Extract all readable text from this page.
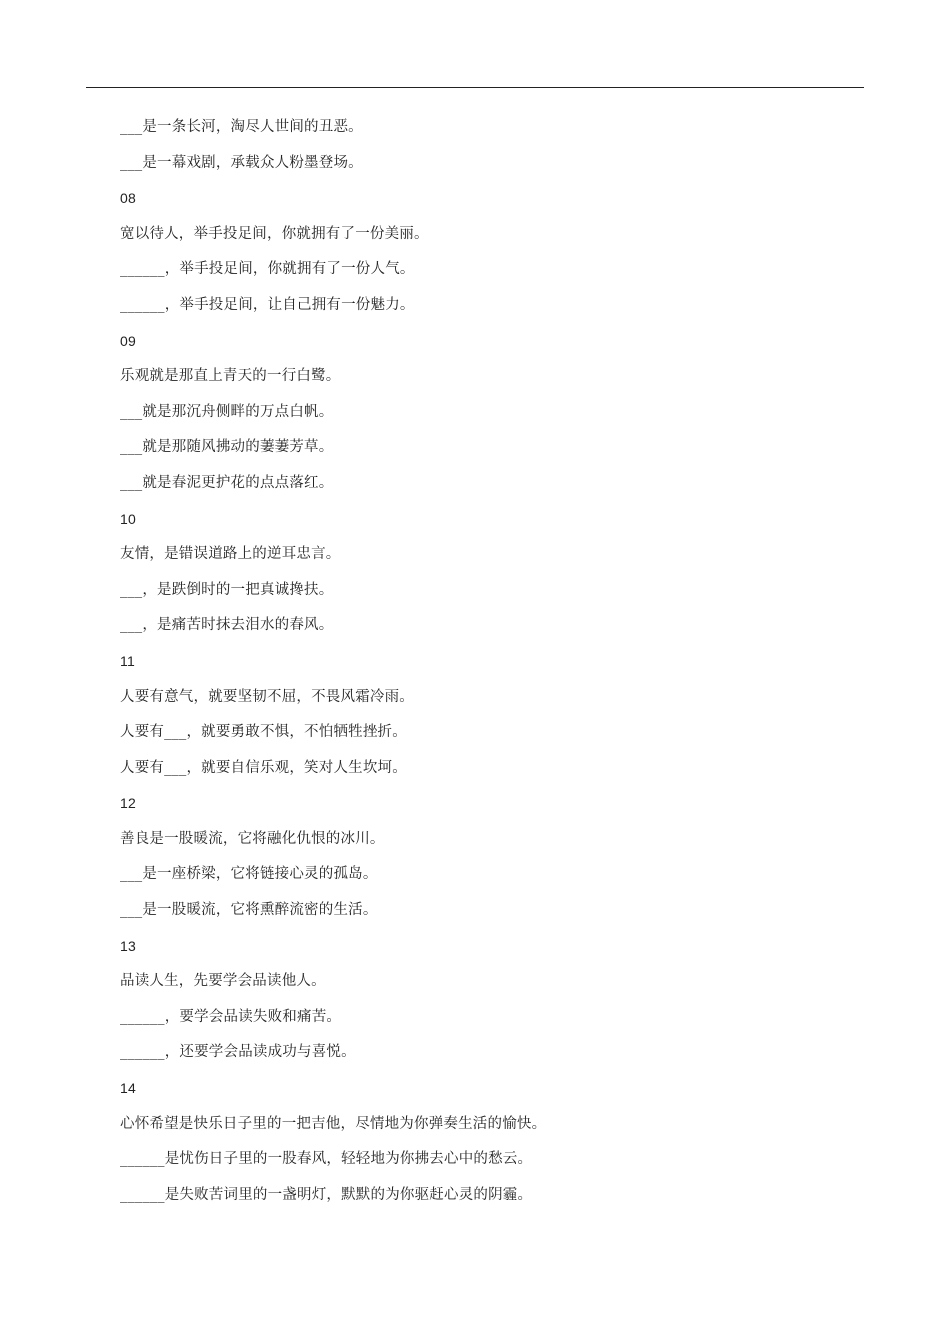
___是一条长河，淘尽人世间的丑恶。
___是一幕戏剧，承载众人粉墨登场。
08
宽以待人，举手投足间，你就拥有了一份美丽。
______，举手投足间，你就拥有了一份人气。
______，举手投足间，让自己拥有一份魅力。
09
乐观就是那直上青天的一行白鹭。
___就是那沉舟侧畔的万点白帆。
___就是那随风拂动的萋萋芳草。
___就是春泥更护花的点点落红。
10
友情，是错误道路上的逆耳忠言。
___，是跌倒时的一把真诚搀扶。
___，是痛苦时抹去泪水的春风。
11
人要有意气，就要坚韧不屈，不畏风霜冷雨。
人要有___，就要勇敢不惧，不怕牺牲挫折。
人要有___，就要自信乐观，笑对人生坎坷。
12
善良是一股暖流，它将融化仇恨的冰川。
___是一座桥梁，它将链接心灵的孤岛。
___是一股暖流，它将熏醉流密的生活。
13
品读人生，先要学会品读他人。
______，要学会品读失败和痛苦。
______，还要学会品读成功与喜悦。
14
心怀希望是快乐日子里的一把吉他，尽情地为你弹奏生活的愉快。
______是忧伤日子里的一股春风，轻轻地为你拂去心中的愁云。
______是失败苦词里的一盏明灯，默默的为你驱赶心灵的阴霾。
